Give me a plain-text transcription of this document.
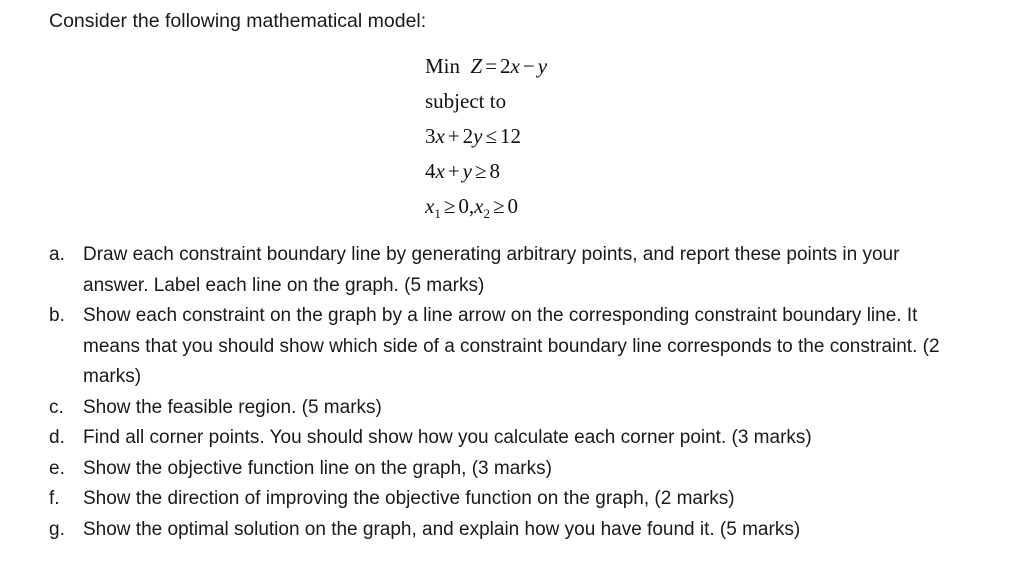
Consider the following mathematical model:

Min Z = 2x − y
subject to
3x + 2y ≤ 12
4x + y ≥ 8
$x_1 \ge 0,x_2 \ge 0$
a. Draw each constraint boundary line by generating arbitrary points, and report these points in your answer. Label each line on the graph. (5 marks)
b. Show each constraint on the graph by a line arrow on the corresponding constraint boundary line. It means that you should show which side of a constraint boundary line corresponds to the constraint. (2 marks)
c.	Show the feasible region. (5 marks)
d. Find all corner points. You should show how you calculate each corner point. (3 marks)
e. Show the objective function line on the graph, (3 marks)
f.	Show the direction of improving the objective function on the graph, (2 marks)
g. Show the optimal solution on the graph, and explain how you have found it. (5 marks)
